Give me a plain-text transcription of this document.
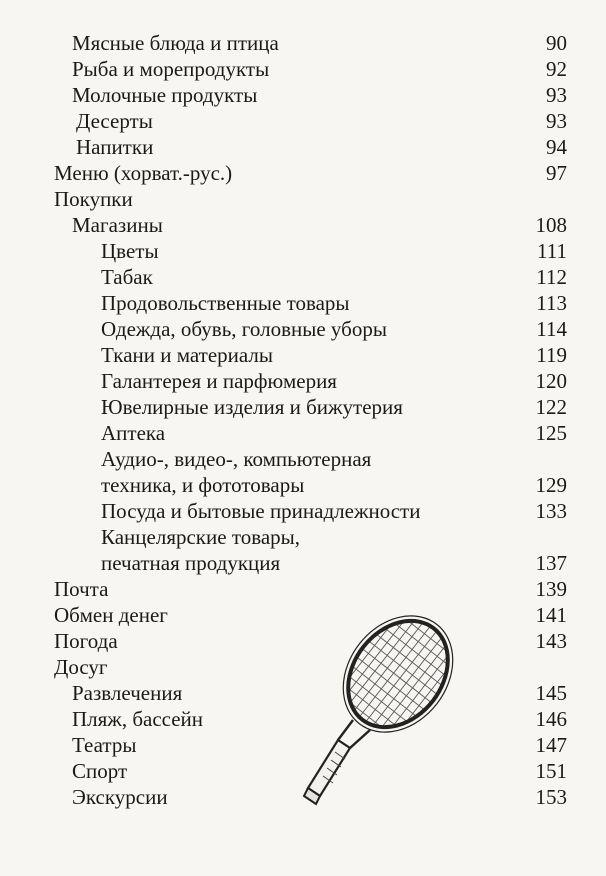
Мясные блюда и птица	90
Рыба и морепродукты	92
Молочные продукты	93
Десерты	93
Напитки	94
Меню (хорват.-рус.)	97
Покупки
Магазины	108
Цветы	111
Табак	112
Продовольственные товары	113
Одежда, обувь, головные уборы	114
Ткани и материалы	119
Галантерея и парфюмерия	120
Ювелирные изделия и бижутерия	122
Аптека	125
Аудио-, видео-, компьютерная
техника, и фототовары	129
Посуда и бытовые принадлежности	133
Канцелярские товары,
печатная продукция	137
Почта	139
Обмен денег	141
Погода	143
Досуг
Развлечения	145
Пляж, бассейн	146
Театры	147
Спорт	151
Экскурсии	153
